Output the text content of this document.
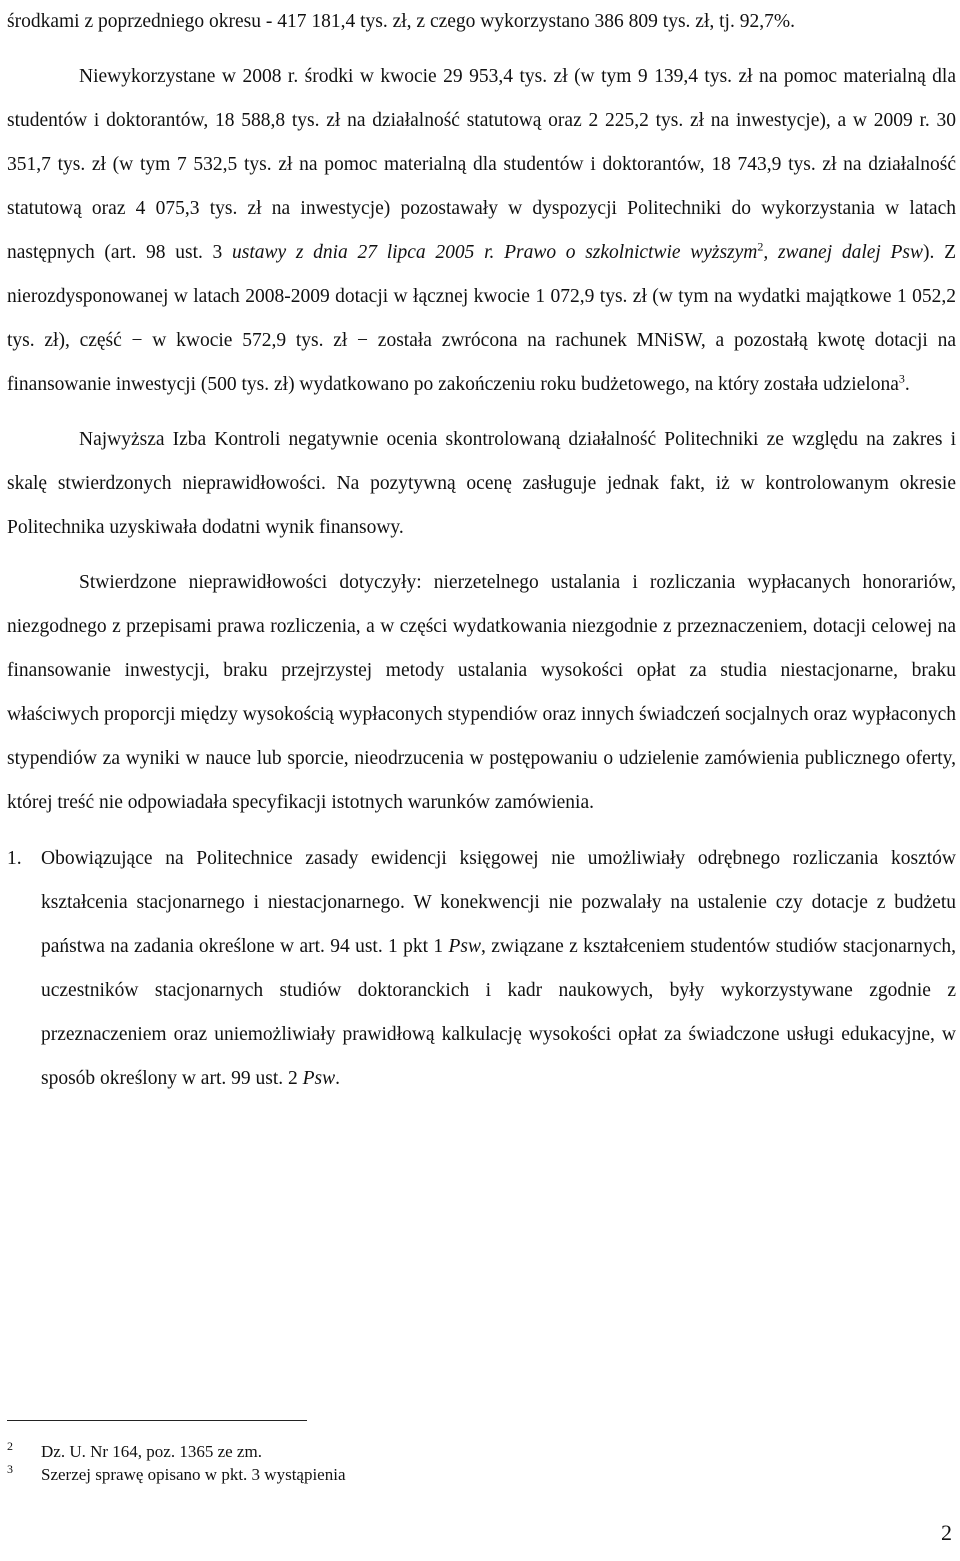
środkami z poprzedniego okresu - 417 181,4 tys. zł, z czego wykorzystano 386 809 tys. zł, tj. 92,7%.

Niewykorzystane w 2008 r. środki w kwocie 29 953,4 tys. zł (w tym 9 139,4 tys. zł na pomoc materialną dla studentów i doktorantów, 18 588,8 tys. zł na działalność statutową oraz 2 225,2 tys. zł na inwestycje), a w 2009 r. 30 351,7 tys. zł (w tym 7 532,5 tys. zł na pomoc materialną dla studentów i doktorantów, 18 743,9 tys. zł na działalność statutową oraz 4 075,3 tys. zł na inwestycje) pozostawały w dyspozycji Politechniki do wykorzystania w latach następnych (art. 98 ust. 3 ustawy z dnia 27 lipca 2005 r. Prawo o szkolnictwie wyższym$^2$, zwanej dalej Psw). Z nierozdysponowanej w latach 2008-2009 dotacji w łącznej kwocie 1 072,9 tys. zł (w tym na wydatki majątkowe 1 052,2 tys. zł), część − w kwocie 572,9 tys. zł − została zwrócona na rachunek MNiSW, a pozostałą kwotę dotacji na finansowanie inwestycji (500 tys. zł) wydatkowano po zakończeniu roku budżetowego, na który została udzielona$^3$.

Najwyższa Izba Kontroli negatywnie ocenia skontrolowaną działalność Politechniki ze względu na zakres i skalę stwierdzonych nieprawidłowości. Na pozytywną ocenę zasługuje jednak fakt, iż w kontrolowanym okresie Politechnika uzyskiwała dodatni wynik finansowy.

Stwierdzone nieprawidłowości dotyczyły: nierzetelnego ustalania i rozliczania wypłacanych honorariów, niezgodnego z przepisami prawa rozliczenia, a w części wydatkowania niezgodnie z przeznaczeniem, dotacji celowej na finansowanie inwestycji, braku przejrzystej metody ustalania wysokości opłat za studia niestacjonarne, braku właściwych proporcji między wysokością wypłaconych stypendiów oraz innych świadczeń socjalnych oraz wypłaconych stypendiów za wyniki w nauce lub sporcie, nieodrzucenia w postępowaniu o udzielenie zamówienia publicznego oferty, której treść nie odpowiadała specyfikacji istotnych warunków zamówienia.

1. Obowiązujące na Politechnice zasady ewidencji księgowej nie umożliwiały odrębnego rozliczania kosztów kształcenia stacjonarnego i niestacjonarnego. W konekwencji nie pozwalały na ustalenie czy dotacje z budżetu państwa na zadania określone w art. 94 ust. 1 pkt 1 Psw, związane z kształceniem studentów studiów stacjonarnych, uczestników stacjonarnych studiów doktoranckich i kadr naukowych, były wykorzystywane zgodnie z przeznaczeniem oraz uniemożliwiały prawidłową kalkulację wysokości opłat za świadczone usługi edukacyjne, w sposób określony w art. 99 ust. 2 Psw.

2 Dz. U. Nr 164, poz. 1365 ze zm.
3 Szerzej sprawę opisano w pkt. 3 wystąpienia
2
